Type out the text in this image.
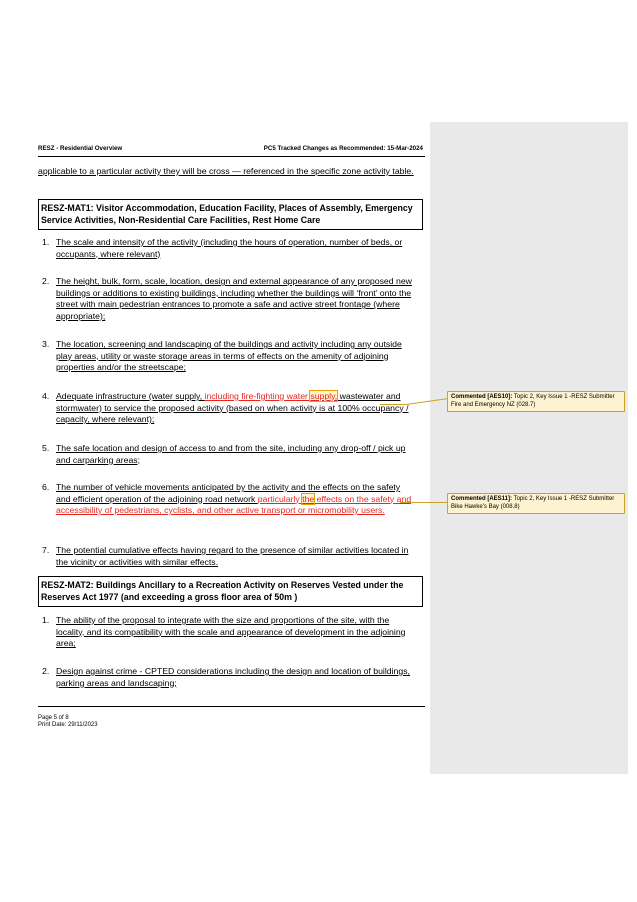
RESZ - Residential Overview	PC5 Tracked Changes as Recommended: 15-Mar-2024
applicable to a particular activity they will be cross — referenced in the specific zone activity table.
RESZ-MAT1: Visitor Accommodation, Education Facility, Places of Assembly, Emergency Service Activities, Non-Residential Care Facilities, Rest Home Care
1. The scale and intensity of the activity (including the hours of operation, number of beds, or occupants, where relevant)
2. The height, bulk, form, scale, location, design and external appearance of any proposed new buildings or additions to existing buildings, including whether the buildings will ‘front’ onto the street with main pedestrian entrances to promote a safe and active street frontage (where appropriate);
3. The location, screening and landscaping of the buildings and activity including any outside play areas, utility or waste storage areas in terms of effects on the amenity of adjoining properties and/or the streetscape;
4. Adequate infrastructure (water supply, including fire-fighting water supply, wastewater and stormwater) to service the proposed activity (based on when activity is at 100% occupancy / capacity, where relevant);
5. The safe location and design of access to and from the site, including any drop-off / pick up and carparking areas;
6. The number of vehicle movements anticipated by the activity and the effects on the safety and efficient operation of the adjoining road network particularly the effects on the safety and accessibility of pedestrians, cyclists, and other active transport or micromobility users.
7. The potential cumulative effects having regard to the presence of similar activities located in the vicinity or activities with similar effects.
RESZ-MAT2: Buildings Ancillary to a Recreation Activity on Reserves Vested under the Reserves Act 1977 (and exceeding a gross floor area of 50m )
1. The ability of the proposal to integrate with the size and proportions of the site, with the locality, and its compatibility with the scale and appearance of development in the adjoining area;
2. Design against crime - CPTED considerations including the design and location of buildings, parking areas and landscaping;
Page 5 of 8
Print Date: 29/11/2023
Commented [AES10]: Topic 2, Key Issue 1 -RESZ Submitter Fire and Emergency NZ (028.7)
Commented [AES11]: Topic 2, Key Issue 1 -RESZ Submitter Bike Hawke’s Bay (008.8)
